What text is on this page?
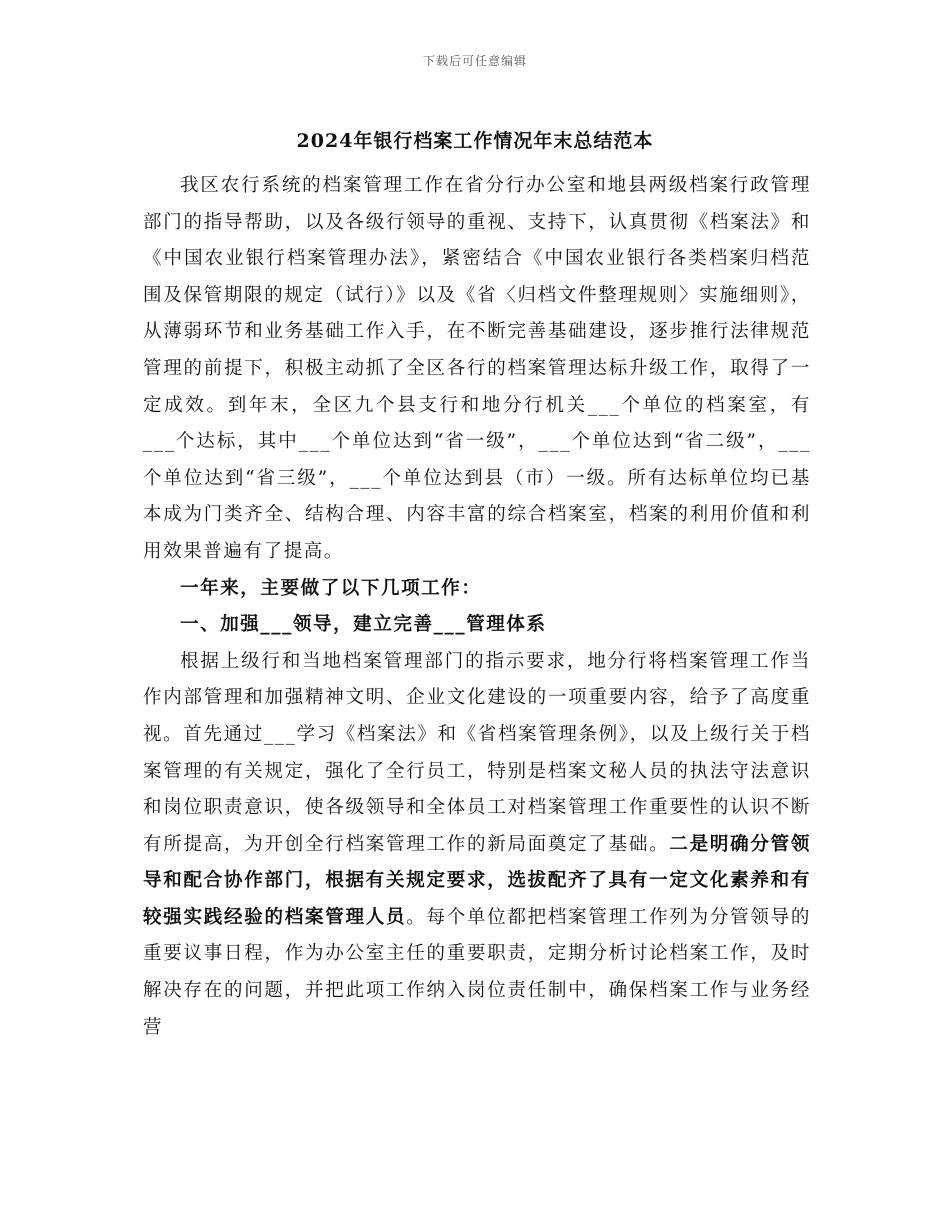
下载后可任意编辑
2024年银行档案工作情况年末总结范本

我区农行系统的档案管理工作在省分行办公室和地县两级档案行政管理部门的指导帮助，以及各级行领导的重视、支持下，认真贯彻《档案法》和《中国农业银行档案管理办法》，紧密结合《中国农业银行各类档案归档范围及保管期限的规定（试行）》以及《省〈归档文件整理规则〉实施细则》，从薄弱环节和业务基础工作入手，在不断完善基础建设，逐步推行法律规范管理的前提下，积极主动抓了全区各行的档案管理达标升级工作，取得了一定成效。到年末，全区九个县支行和地分行机关___个单位的档案室，有___个达标，其中___个单位达到“省一级”，___个单位达到“省二级”，___个单位达到“省三级”，___个单位达到县（市）一级。所有达标单位均已基本成为门类齐全、结构合理、内容丰富的综合档案室，档案的利用价值和利用效果普遍有了提高。

一年来，主要做了以下几项工作：

一、加强___领导，建立完善___管理体系

根据上级行和当地档案管理部门的指示要求，地分行将档案管理工作当作内部管理和加强精神文明、企业文化建设的一项重要内容，给予了高度重视。首先通过___学习《档案法》和《省档案管理条例》，以及上级行关于档案管理的有关规定，强化了全行员工，特别是档案文秘人员的执法守法意识和岗位职责意识，使各级领导和全体员工对档案管理工作重要性的认识不断有所提高，为开创全行档案管理工作的新局面奠定了基础。二是明确分管领导和配合协作部门，根据有关规定要求，选拔配齐了具有一定文化素养和有较强实践经验的档案管理人员。每个单位都把档案管理工作列为分管领导的重要议事日程，作为办公室主任的重要职责，定期分析讨论档案工作，及时解决存在的问题，并把此项工作纳入岗位责任制中，确保档案工作与业务经营
